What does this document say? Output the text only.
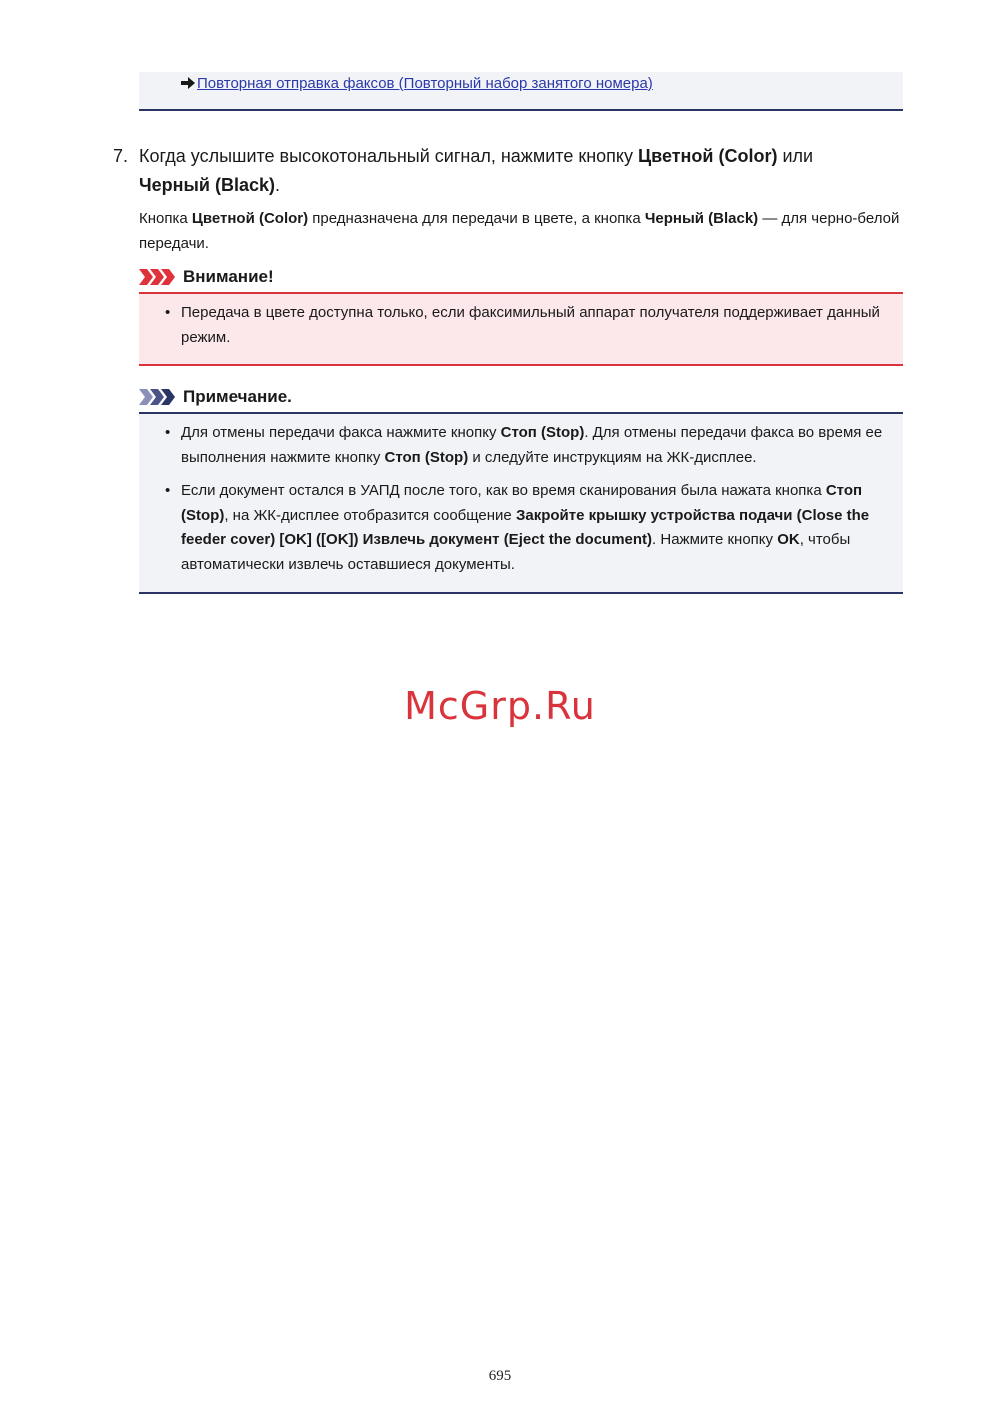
Повторная отправка факсов (Повторный набор занятого номера)
7. Когда услышите высокотональный сигнал, нажмите кнопку Цветной (Color) или
Черный (Black).
Кнопка Цветной (Color) предназначена для передачи в цвете, а кнопка Черный (Black) — для черно-белой передачи.
Внимание!
• Передача в цвете доступна только, если факсимильный аппарат получателя поддерживает данный режим.
Примечание.
• Для отмены передачи факса нажмите кнопку Стоп (Stop). Для отмены передачи факса во время ее выполнения нажмите кнопку Стоп (Stop) и следуйте инструкциям на ЖК-дисплее.
• Если документ остался в УАПД после того, как во время сканирования была нажата кнопка Стоп (Stop), на ЖК-дисплее отобразится сообщение Закройте крышку устройства подачи (Close the feeder cover) [OK] ([OK]) Извлечь документ (Eject the document). Нажмите кнопку OK, чтобы автоматически извлечь оставшиеся документы.
McGrp.Ru
695
